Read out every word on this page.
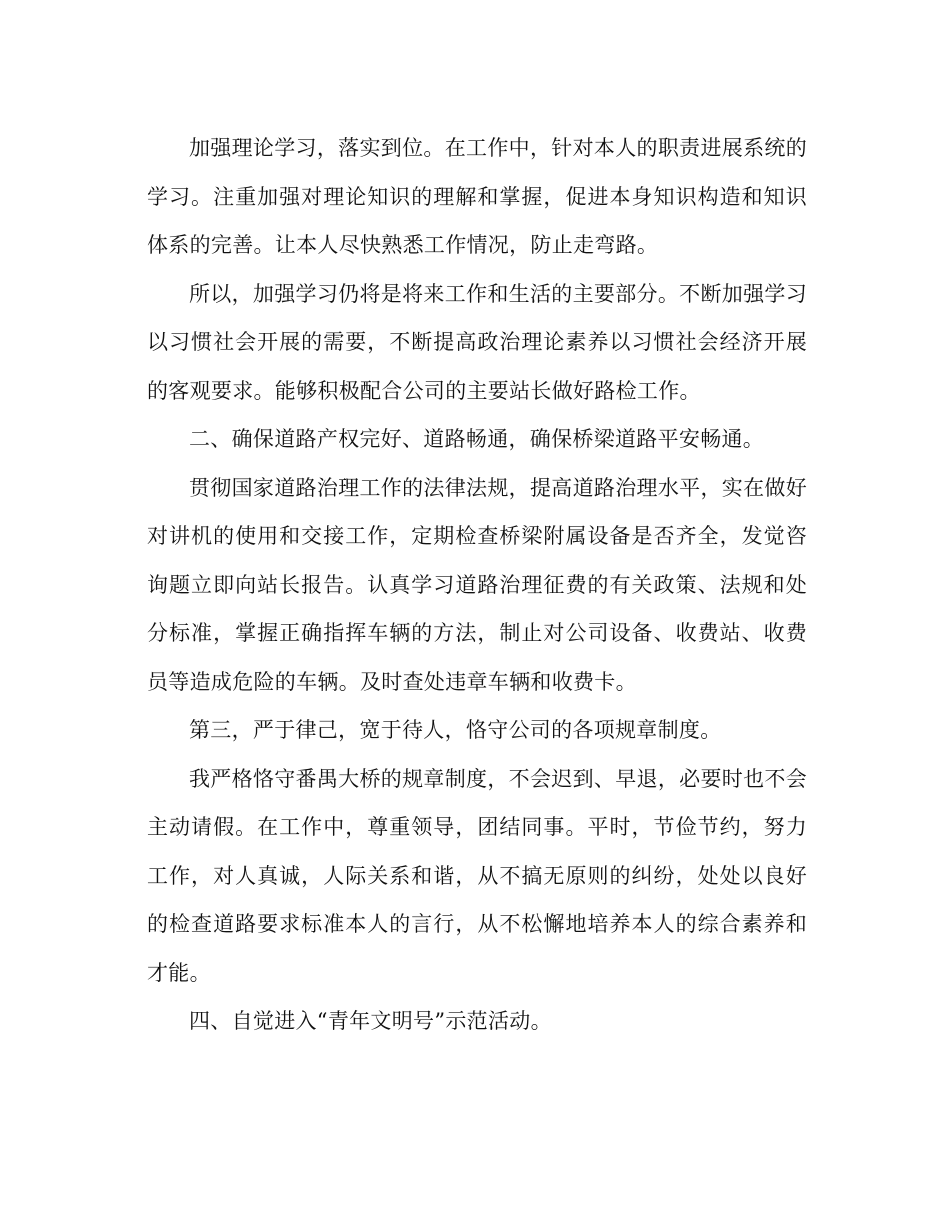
加强理论学习，落实到位。在工作中，针对本人的职责进展系统的学习。注重加强对理论知识的理解和掌握，促进本身知识构造和知识体系的完善。让本人尽快熟悉工作情况，防止走弯路。

所以，加强学习仍将是将来工作和生活的主要部分。不断加强学习以习惯社会开展的需要，不断提高政治理论素养以习惯社会经济开展的客观要求。能够积极配合公司的主要站长做好路检工作。

二、确保道路产权完好、道路畅通，确保桥梁道路平安畅通。

贯彻国家道路治理工作的法律法规，提高道路治理水平，实在做好对讲机的使用和交接工作，定期检查桥梁附属设备是否齐全，发觉咨询题立即向站长报告。认真学习道路治理征费的有关政策、法规和处分标准，掌握正确指挥车辆的方法，制止对公司设备、收费站、收费员等造成危险的车辆。及时查处违章车辆和收费卡。

第三，严于律己，宽于待人，恪守公司的各项规章制度。

我严格恪守番禺大桥的规章制度，不会迟到、早退，必要时也不会主动请假。在工作中，尊重领导，团结同事。平时，节俭节约，努力工作，对人真诚，人际关系和谐，从不搞无原则的纠纷，处处以良好的检查道路要求标准本人的言行，从不松懈地培养本人的综合素养和才能。

四、自觉进入“青年文明号”示范活动。
